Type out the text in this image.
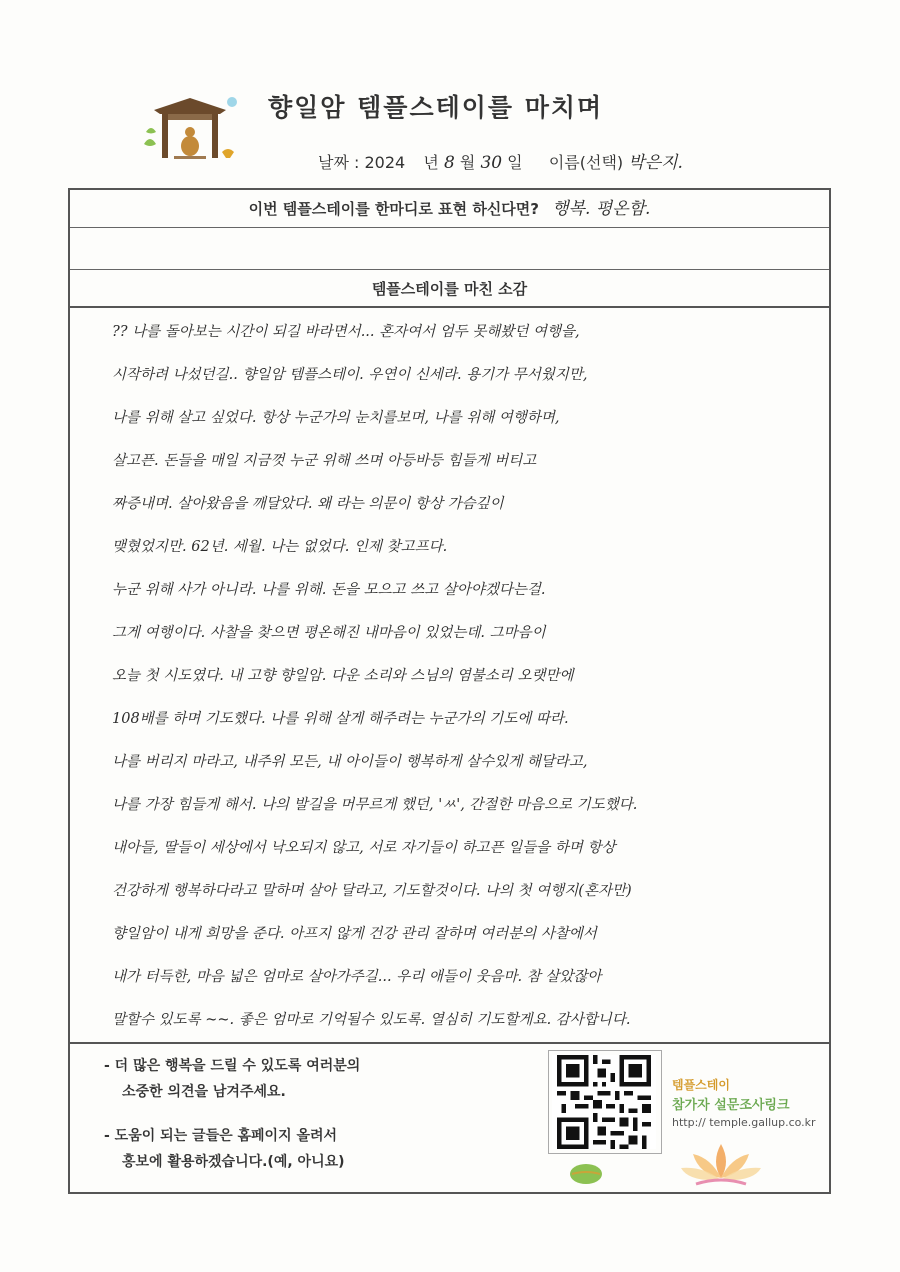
향일암 템플스테이를 마치며
날짜 : 2024 년 8 월 30 일 이름(선택) 박은지.
이번 템플스테이를 한마디로 표현 하신다면? 행복. 평온함.
템플스테이를 마친 소감
?? 나를 돌아보는 시간이 되길 바라면서... 혼자여서 엄두 못해봤던 여행을,
시작하려 나섰던길.. 향일암 템플스테이. 우연이 신세라. 용기가 무서웠지만,
나를 위해 살고 싶었다. 항상 누군가의 눈치를보며, 나를 위해 여행하며,
살고픈. 돈들을 매일 지금껏 누군 위해 쓰며 아등바등 힘들게 버티고
짜증내며. 살아왔음을 깨달았다. 왜 라는 의문이 항상 가슴깊이
맺혔었지만. 62년. 세월. 나는 없었다. 인제 찾고프다.
누군 위해 사가 아니라. 나를 위해. 돈을 모으고 쓰고 살아야겠다는걸.
그게 여행이다. 사찰을 찾으면 평온해진 내마음이 있었는데. 그마음이
오늘 첫 시도였다. 내 고향 향일암. 다운 소리와 스님의 염불소리 오랫만에
108배를 하며 기도했다. 나를 위해 살게 해주려는 누군가의 기도에 따라.
나를 버리지 마라고, 내주위 모든, 내 아이들이 행복하게 살수있게 해달라고,
나를 가장 힘들게 해서. 나의 발길을 머무르게 했던, 'ㅆ', 간절한 마음으로 기도했다.
내아들, 딸들이 세상에서 낙오되지 않고, 서로 자기들이 하고픈 일들을 하며 항상
건강하게 행복하다라고 말하며 살아 달라고, 기도할것이다. 나의 첫 여행지(혼자만)
향일암이 내게 희망을 준다. 아프지 않게 건강 관리 잘하며 여러분의 사찰에서
내가 터득한, 마음 넓은 엄마로 살아가주길... 우리 애들이 웃음마. 참 살았잖아
말할수 있도록 ~~. 좋은 엄마로 기억될수 있도록. 열심히 기도할게요. 감사합니다.
- 더 많은 행복을 드릴 수 있도록 여러분의
소중한 의견을 남겨주세요.
- 도움이 되는 글들은 홈페이지 올려서
홍보에 활용하겠습니다.(예, 아니요)
템플스테이
참가자 설문조사링크
http:// temple.gallup.co.kr
